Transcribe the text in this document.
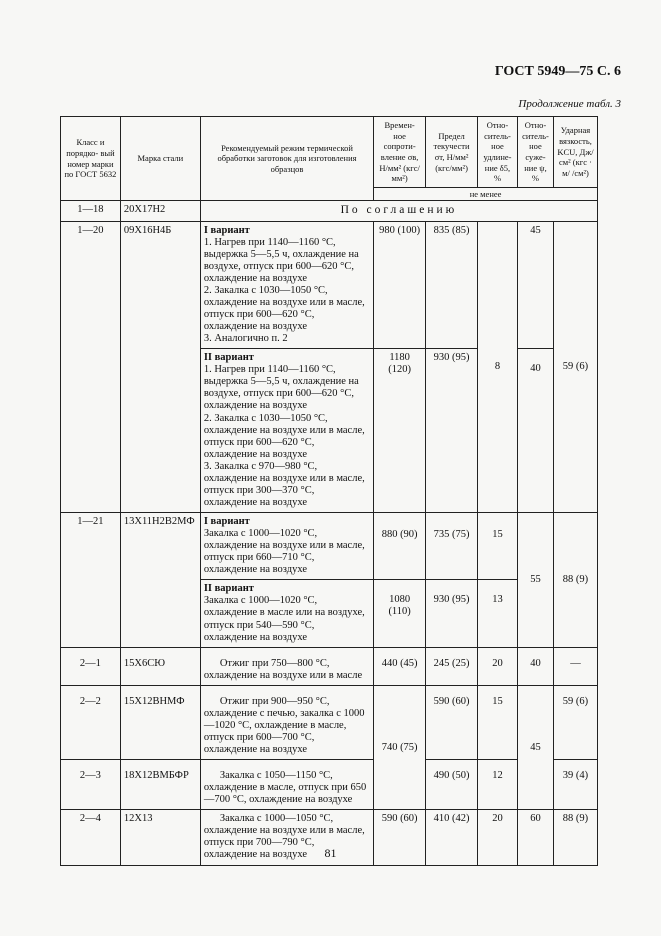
ГОСТ 5949—75 С. 6
Продолжение табл. 3
Класс и порядко- вый номер марки по ГОСТ 5632	Марка стали	Рекомендуемый режим термической обработки заготовок для изготовления образцов	Времен- ное сопроти- вление σв, Н/мм² (кгс/мм²)	Предел текучести σт, Н/мм² (кгс/мм²)	Отно- ситель- ное удлине- ние δ5, %	Отно- ситель- ное суже- ние ψ, %	Ударная вязкость, KCU, Дж/см² (кгс · м/ /см²)
			не менее				
1—18	20Х17Н2	По соглашению					
1—20	09Х16Н4Б	I вариант
1. Нагрев при 1140—1160 °С, выдержка 5—5,5 ч, охлаждение на воздухе, отпуск при 600—620 °С, охлаждение на воздухе
2. Закалка с 1030—1050 °С, охлаждение на воздухе или в масле, отпуск при 600—620 °С, охлаждение на воздухе
3. Аналогично п. 2	980 (100)	835 (85)	8	45	59 (6)

		II вариант
1. Нагрев при 1140—1160 °С, выдержка 5—5,5 ч, охлаждение на воздухе, отпуск при 600—620 °С, охлаждение на воздухе
2. Закалка с 1030—1050 °С, охлаждение на воздухе или в масле, отпуск при 600—620 °С, охлаждение на воздухе
3. Закалка с 970—980 °С, охлаждение на воздухе или в масле, отпуск при 300—370 °С, охлаждение на воздухе	1180 (120)	930 (95)		40	
1—21	13Х11Н2В2МФ	I вариант
Закалка с 1000—1020 °С, охлаждение на воздухе или в масле, отпуск при 660—710 °С, охлаждение на воздухе	880 (90)	735 (75)	15	55	88 (9)

		II вариант
Закалка с 1000—1020 °С, охлаждение в масле или на воздухе, отпуск при 540—590 °С, охлаждение на воздухе	1080 (110)	930 (95)	13		
2—1	15Х6СЮ	Отжиг при 750—800 °С, охлаждение на воздухе или в масле	440 (45)	245 (25)	20	40	—
2—2	15Х12ВНМФ	Отжиг при 900—950 °С, охлаждение с печью, закалка с 1000—1020 °С, охлаждение в масле, отпуск при 600—700 °С, охлаждение на воздухе	740 (75)	590 (60)	15	45	59 (6)
2—3	18Х12ВМБФР	Закалка с 1050—1150 °С, охлаждение в масле, отпуск при 650—700 °С, охлаждение на воздухе		490 (50)	12		39 (4)
2—4	12Х13	Закалка с 1000—1050 °С, охлаждение на воздухе или в масле, отпуск при 700—790 °С, охлаждение на воздухе	590 (60)	410 (42)	20	60	88 (9)
81
